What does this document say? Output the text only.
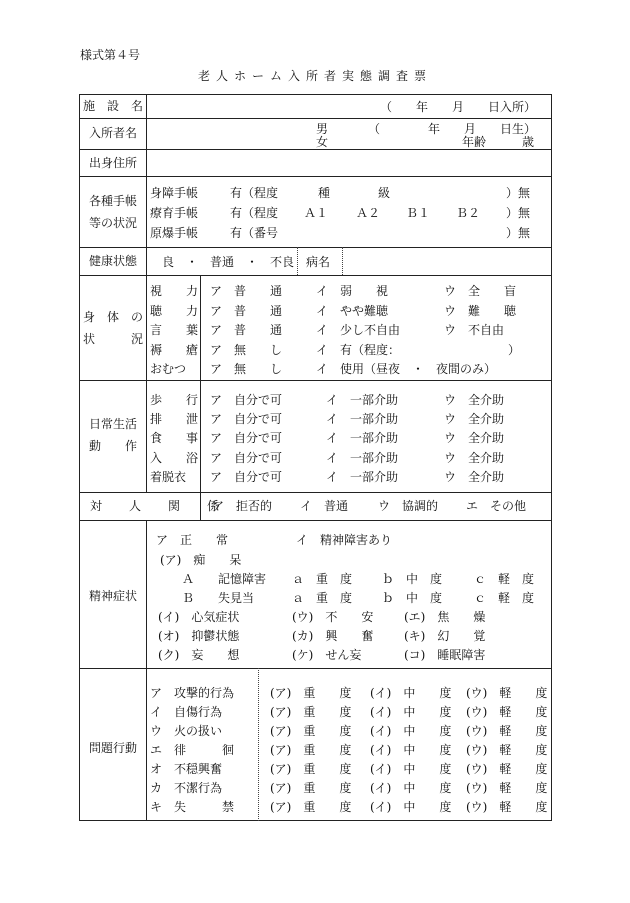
様式第４号
老人ホーム入所者実態調査票
施　設　名	（　　年　　月　　日入所）
入所者名	男
女
（　　　　年　　月　　日生）
年齢　　　歳
出身住所
各種手帳
等の状況
身障手帳	有（程度	種	級	）無
療育手帳	有（程度 Ａ１ Ａ２ Ｂ１ Ｂ２ ）無
原爆手帳	有（番号	）無
健康状態	良　・　普通　・　不良 病名
身　体　の
状　　　況
視　　力 ア　普　　通	イ　弱　　視	ウ　全　　盲
聴　　力 ア　普　　通	イ　やや難聴	ウ　難　　聴
言　　葉 ア　普　　通	イ　少し不自由	ウ　不自由
褥　　瘡 ア　無　　し	イ　有（程度：	）
おむつ ア　無　　し	イ　使用（昼夜　・　夜間のみ）
日常生活
動　　作
歩　　行 ア　自分で可	イ　一部介助	ウ　全介助
排　　泄 ア　自分で可	イ　一部介助	ウ　全介助
食　　事 ア　自分で可	イ　一部介助	ウ　全介助
入　　浴 ア　自分で可	イ　一部介助	ウ　全介助
着脱衣 ア　自分で可	イ　一部介助	ウ　全介助
対　　人　　関　　係
ア　拒否的 イ　普通 ウ　協調的 エ　その他
精神症状
ア　正　　常	イ　精神障害あり
(ア)　痴　　呆
Ａ　　記憶障害 ａ　重　度 ｂ　中　度	ｃ　軽　度
Ｂ　　失見当	ａ　重　度 ｂ　中　度	ｃ　軽　度
(イ)　心気症状	(ウ)　不　　安	(エ)　焦　　燥
(オ)　抑鬱状態	(カ)　興　　奮	(キ)　幻　　覚
(ク)　妄　　想	(ケ)　せん妄	(コ)　睡眠障害
問題行動
ア　攻撃的行為	(ア)　重　　度 (イ)　中　　度 (ウ)　軽　　度
イ　自傷行為	(ア)　重　　度 (イ)　中　　度 (ウ)　軽　　度
ウ　火の扱い	(ア)　重　　度 (イ)　中　　度 (ウ)　軽　　度
エ　徘　　　徊	(ア)　重　　度 (イ)　中　　度 (ウ)　軽　　度
オ　不穏興奮	(ア)　重　　度 (イ)　中　　度 (ウ)　軽　　度
カ　不潔行為	(ア)　重　　度 (イ)　中　　度 (ウ)　軽　　度
キ　失　　　禁	(ア)　重　　度 (イ)　中　　度 (ウ)　軽　　度
